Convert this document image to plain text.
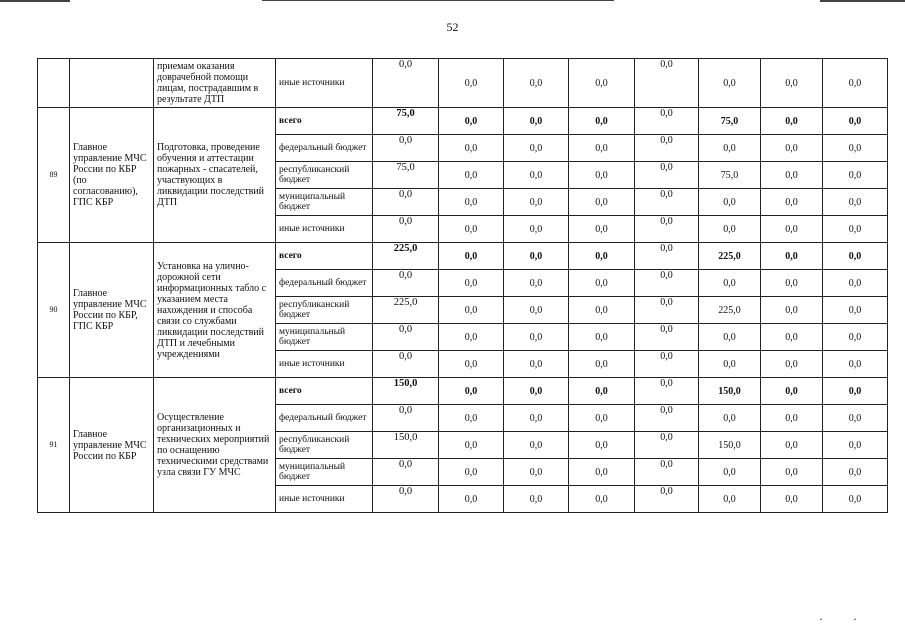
52
		приемам оказания доврачебной помощи лицам, пострадавшим в результате ДТП	иные источники	0,0	0,0	0,0	0,0	0,0	0,0	0,0	0,0
89	Главное управление МЧС России по КБР (по согласованию), ГПС КБР	Подготовка, проведение обучения и аттестации пожарных - спасателей, участвующих в ликвидации последствий ДТП	всего	75,0	0,0	0,0	0,0	0,0	75,0	0,0	0,0
			федеральный бюджет	0,0	0,0	0,0	0,0	0,0	0,0	0,0	0,0
			республиканский бюджет	75,0	0,0	0,0	0,0	0,0	75,0	0,0	0,0
			муниципальный бюджет	0,0	0,0	0,0	0,0	0,0	0,0	0,0	0,0
			иные источники	0,0	0,0	0,0	0,0	0,0	0,0	0,0	0,0
90	Главное управление МЧС России по КБР, ГПС КБР	Установка на улично-дорожной сети информационных табло с указанием места нахождения и способа связи со службами ликвидации последствий ДТП и лечебными учреждениями	всего	225,0	0,0	0,0	0,0	0,0	225,0	0,0	0,0
			федеральный бюджет	0,0	0,0	0,0	0,0	0,0	0,0	0,0	0,0
			республиканский бюджет	225,0	0,0	0,0	0,0	0,0	225,0	0,0	0,0
			муниципальный бюджет	0,0	0,0	0,0	0,0	0,0	0,0	0,0	0,0
			иные источники	0,0	0,0	0,0	0,0	0,0	0,0	0,0	0,0
91	Главное управление МЧС России по КБР	Осуществление организационных и технических мероприятий по оснащению техническими средствами узла связи ГУ МЧС	всего	150,0	0,0	0,0	0,0	0,0	150,0	0,0	0,0
			федеральный бюджет	0,0	0,0	0,0	0,0	0,0	0,0	0,0	0,0
			республиканский бюджет	150,0	0,0	0,0	0,0	0,0	150,0	0,0	0,0
			муниципальный бюджет	0,0	0,0	0,0	0,0	0,0	0,0	0,0	0,0
			иные источники	0,0	0,0	0,0	0,0	0,0	0,0	0,0	0,0
··
